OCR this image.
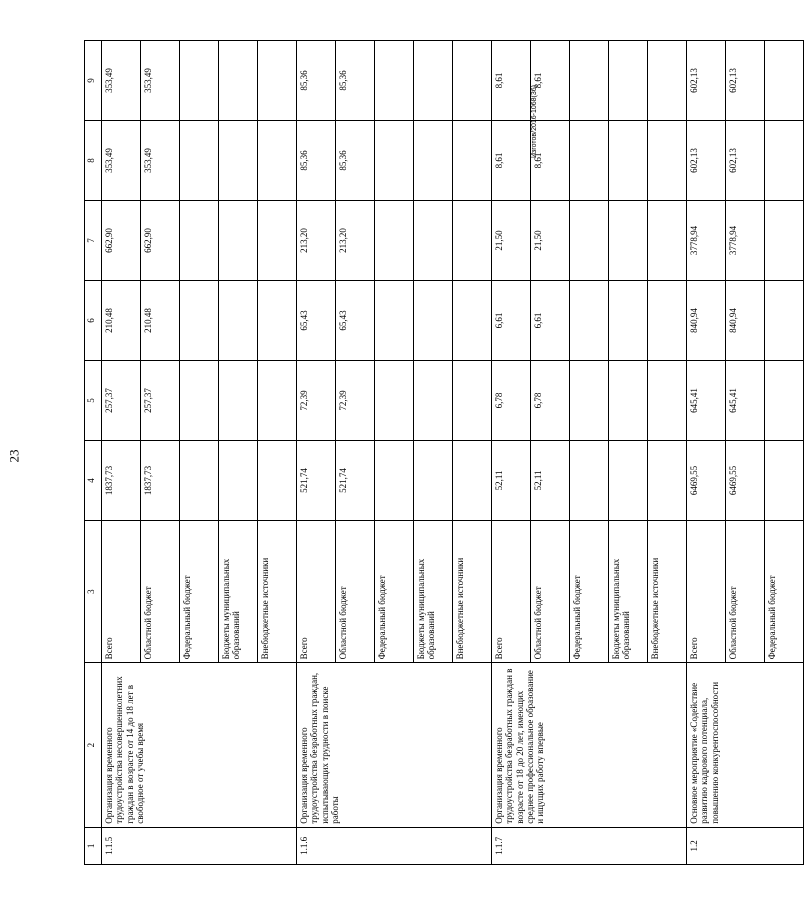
23
Изготов/2016-1068(36)
1	2	3	4	5	6	7	8	9
1.1.5	Организация временного трудоустройства несовершеннолетних граждан в возрасте от 14 до 18 лет в свободное от учебы время	Всего	1837,73	257,37	210,48	662,90	353,49	353,49
		Областной бюджет	1837,73	257,37	210,48	662,90	353,49	353,49
		Федеральный бюджет						
		Бюджеты муниципальных образований						
		Внебюджетные источники						
1.1.6	Организация временного трудоустройства безработных граждан, испытывающих трудности в поиске работы	Всего	521,74	72,39	65,43	213,20	85,36	85,36
		Областной бюджет	521,74	72,39	65,43	213,20	85,36	85,36
		Федеральный бюджет						
		Бюджеты муниципальных образований						
		Внебюджетные источники						
1.1.7	Организация временного трудоустройства безработных граждан в возрасте от 18 до 20 лет, имеющих среднее профессиональное образование и ищущих работу впервые	Всего	52,11	6,78	6,61	21,50	8,61	8,61
		Областной бюджет	52,11	6,78	6,61	21,50	8,61	8,61
		Федеральный бюджет						
		Бюджеты муниципальных образований						
		Внебюджетные источники						
1.2	Основное мероприятие «Содействие развитию кадрового потенциала, повышению конкурентоспособности	Всего	6469,55	645,41	840,94	3778,94	602,13	602,13
		Областной бюджет	6469,55	645,41	840,94	3778,94	602,13	602,13
		Федеральный бюджет						
